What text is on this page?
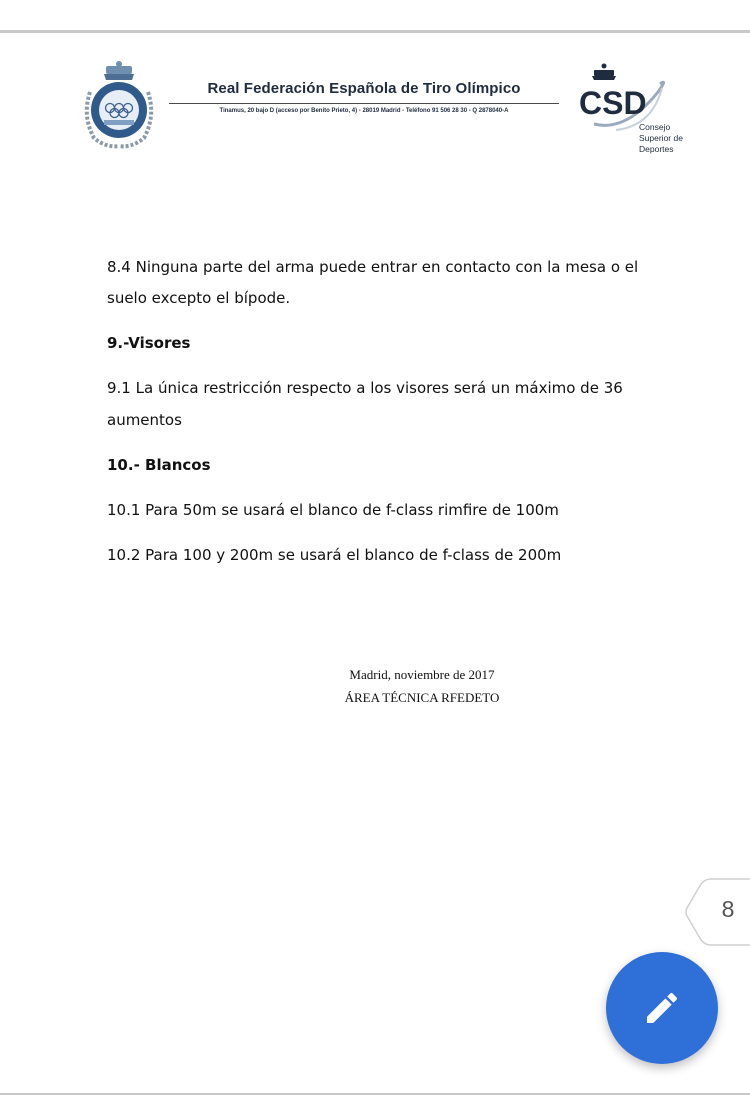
Real Federación Española de Tiro Olímpico
Tinamus, 20 bajo D (acceso por Benito Prieto, 4) - 28019 Madrid - Teléfono 91 506 28 30 - Q 2878040-A	CSD
Consejo
Superior de
Deportes
8.4 Ninguna parte del arma puede entrar en contacto con la mesa o el
suelo excepto el bípode.
9.-Visores
9.1 La única restricción respecto a los visores será un máximo de 36
aumentos
10.- Blancos
10.1 Para 50m se usará el blanco de f-class rimfire de 100m
10.2 Para 100 y 200m se usará el blanco de f-class de 200m
Madrid, noviembre de 2017
ÁREA TÉCNICA RFEDETO
8
